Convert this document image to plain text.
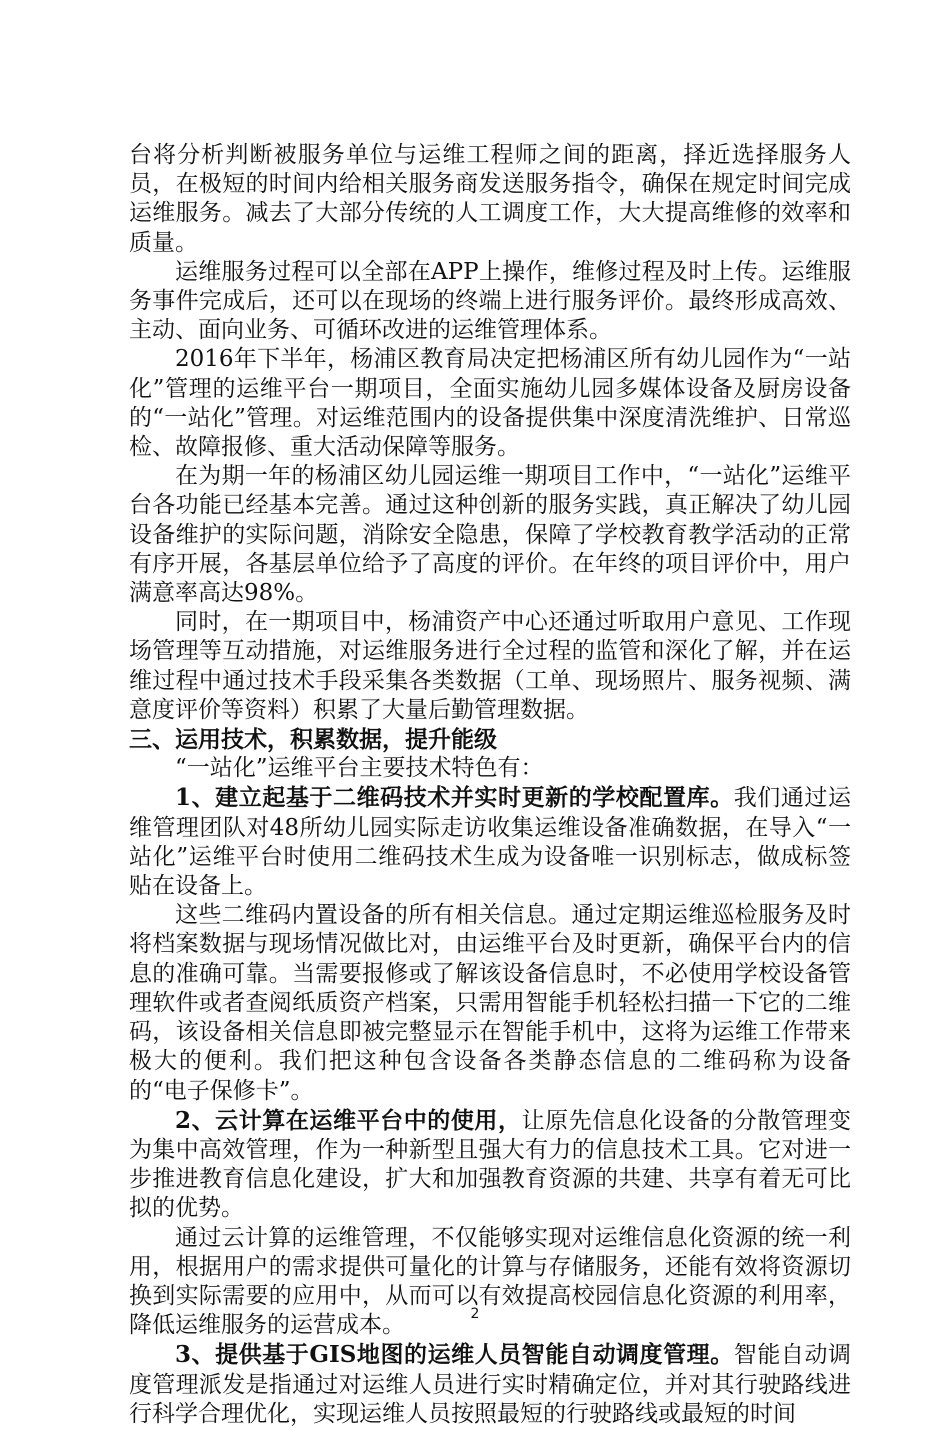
台将分析判断被服务单位与运维工程师之间的距离，择近选择服务人员，在极短的时间内给相关服务商发送服务指令，确保在规定时间完成运维服务。减去了大部分传统的人工调度工作，大大提高维修的效率和质量。

运维服务过程可以全部在APP上操作，维修过程及时上传。运维服务事件完成后，还可以在现场的终端上进行服务评价。最终形成高效、主动、面向业务、可循环改进的运维管理体系。

2016年下半年，杨浦区教育局决定把杨浦区所有幼儿园作为“一站化”管理的运维平台一期项目，全面实施幼儿园多媒体设备及厨房设备的“一站化”管理。对运维范围内的设备提供集中深度清洗维护、日常巡检、故障报修、重大活动保障等服务。

在为期一年的杨浦区幼儿园运维一期项目工作中，“一站化”运维平台各功能已经基本完善。通过这种创新的服务实践，真正解决了幼儿园设备维护的实际问题，消除安全隐患，保障了学校教育教学活动的正常有序开展，各基层单位给予了高度的评价。在年终的项目评价中，用户满意率高达98%。

同时，在一期项目中，杨浦资产中心还通过听取用户意见、工作现场管理等互动措施，对运维服务进行全过程的监管和深化了解，并在运维过程中通过技术手段采集各类数据（工单、现场照片、服务视频、满意度评价等资料）积累了大量后勤管理数据。

三、运用技术，积累数据，提升能级

“一站化”运维平台主要技术特色有：

1、建立起基于二维码技术并实时更新的学校配置库。我们通过运维管理团队对48所幼儿园实际走访收集运维设备准确数据，在导入“一站化”运维平台时使用二维码技术生成为设备唯一识别标志，做成标签贴在设备上。

这些二维码内置设备的所有相关信息。通过定期运维巡检服务及时将档案数据与现场情况做比对，由运维平台及时更新，确保平台内的信息的准确可靠。当需要报修或了解该设备信息时，不必使用学校设备管理软件或者查阅纸质资产档案，只需用智能手机轻松扫描一下它的二维码，该设备相关信息即被完整显示在智能手机中，这将为运维工作带来极大的便利。我们把这种包含设备各类静态信息的二维码称为设备的“电子保修卡”。

2、云计算在运维平台中的使用，让原先信息化设备的分散管理变为集中高效管理，作为一种新型且强大有力的信息技术工具。它对进一步推进教育信息化建设，扩大和加强教育资源的共建、共享有着无可比拟的优势。

通过云计算的运维管理，不仅能够实现对运维信息化资源的统一利用，根据用户的需求提供可量化的计算与存储服务，还能有效将资源切换到实际需要的应用中，从而可以有效提高校园信息化资源的利用率，降低运维服务的运营成本。

3、提供基于GIS地图的运维人员智能自动调度管理。智能自动调度管理派发是指通过对运维人员进行实时精确定位，并对其行驶路线进行科学合理优化，实现运维人员按照最短的行驶路线或最短的时间

2
